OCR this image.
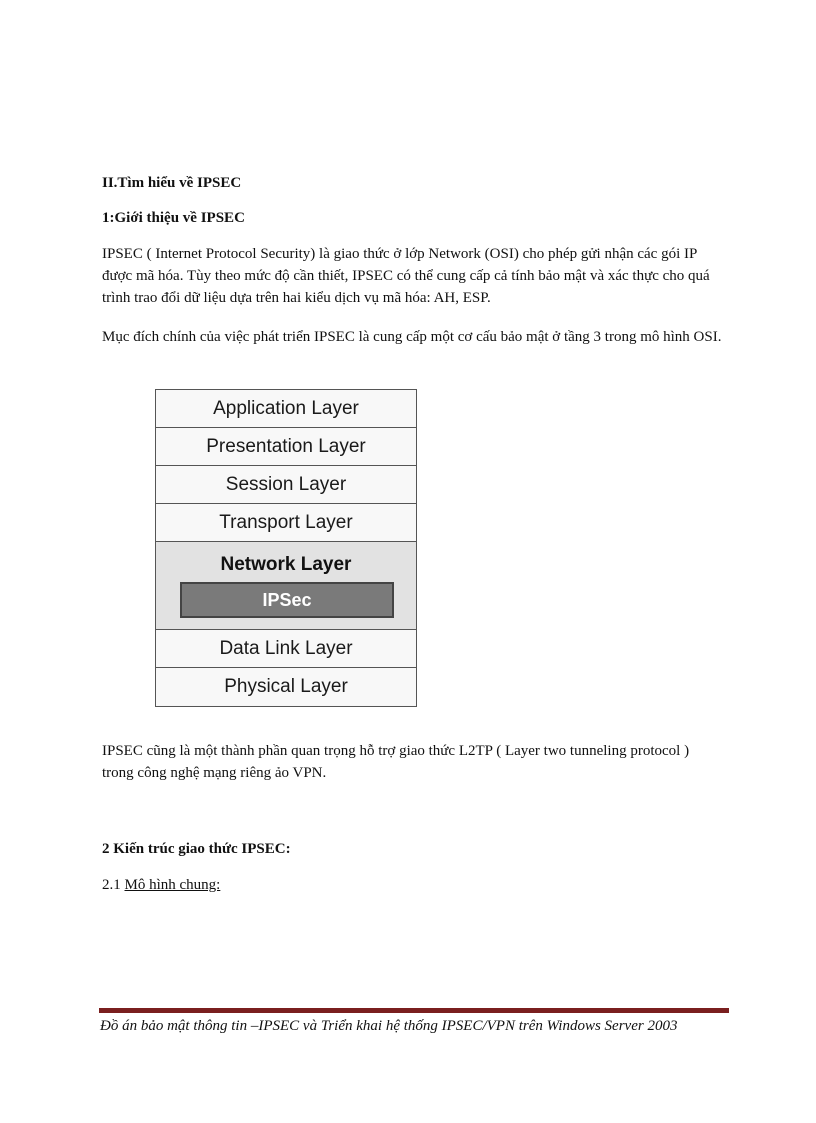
II.Tìm hiểu về IPSEC
1:Giới thiệu về IPSEC
IPSEC ( Internet Protocol Security) là giao thức ở lớp Network (OSI) cho phép gửi nhận các gói IP được mã hóa. Tùy theo mức độ cần thiết, IPSEC có thể cung cấp cả tính bảo mật và xác thực cho quá trình trao đổi dữ liệu dựa trên hai kiểu dịch vụ mã hóa: AH, ESP.
Mục đích chính của việc phát triển IPSEC là cung cấp một cơ cấu bảo mật ở tầng 3 trong mô hình OSI.
Application Layer
Presentation Layer
Session Layer
Transport Layer
Network Layer
IPSec
Data Link Layer
Physical Layer
IPSEC cũng là một thành phần quan trọng hỗ trợ giao thức L2TP ( Layer two tunneling protocol ) trong công nghệ mạng riêng ảo VPN.
2 Kiến trúc giao thức IPSEC:
2.1 Mô hình chung:
Đồ án bảo mật thông tin –IPSEC và Triển khai hệ thống IPSEC/VPN trên Windows Server 2003
